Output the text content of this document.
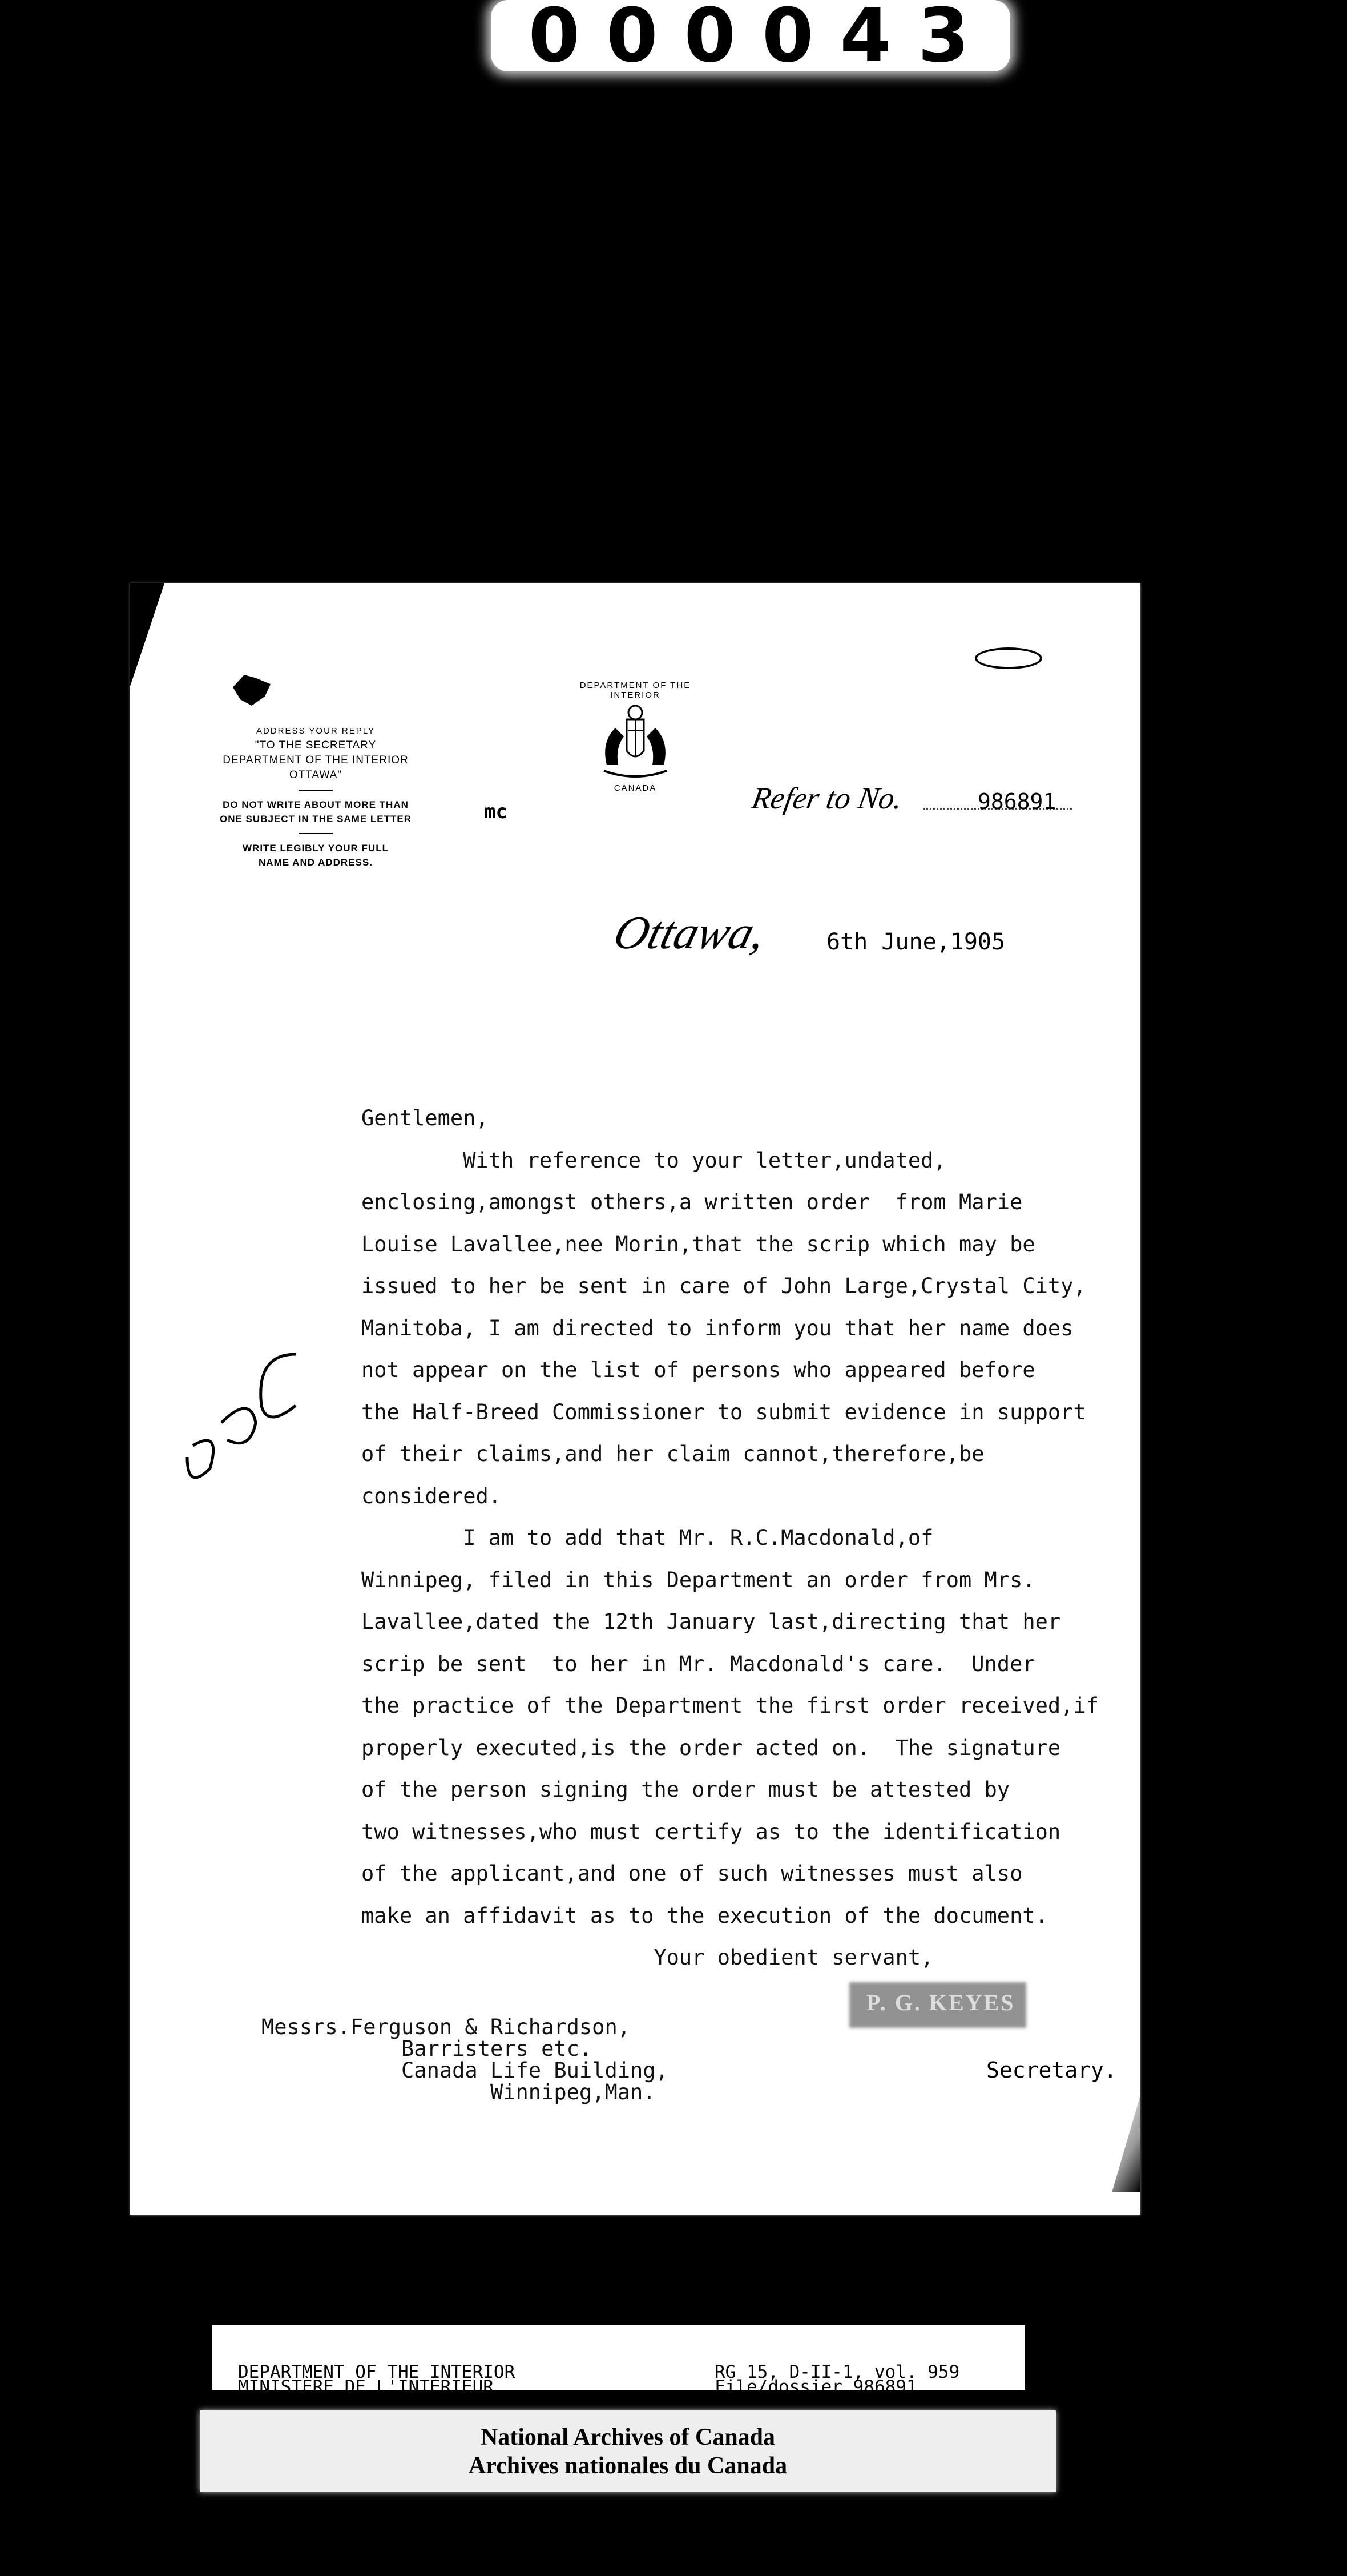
000043
ADDRESS YOUR REPLY
"TO THE SECRETARY
DEPARTMENT OF THE INTERIOR
OTTAWA"
DO NOT WRITE ABOUT MORE THAN
ONE SUBJECT IN THE SAME LETTER
WRITE LEGIBLY YOUR FULL
NAME AND ADDRESS.
DEPARTMENT OF THE INTERIOR
CANADA
mc	Refer to No.	986891
Ottawa, 6th June,1905

Gentlemen,

With reference to your letter,undated,

enclosing,amongst others,a written order  from Marie

Louise Lavallee,nee Morin,that the scrip which may be

issued to her be sent in care of John Large,Crystal City,

Manitoba, I am directed to inform you that her name does

not appear on the list of persons who appeared before

the Half-Breed Commissioner to submit evidence in support

of their claims,and her claim cannot,therefore,be

considered.

I am to add that Mr. R.C.Macdonald,of

Winnipeg, filed in this Department an order from Mrs.

Lavallee,dated the 12th January last,directing that her

scrip be sent  to her in Mr. Macdonald's care.  Under

the practice of the Department the first order received,if

properly executed,is the order acted on.  The signature

of the person signing the order must be attested by

two witnesses,who must certify as to the identification

of the applicant,and one of such witnesses must also

make an affidavit as to the execution of the document.

Your obedient servant,

P. G. KEYES

Messrs.Ferguson & Richardson,

Barristers etc.

Canada Life Building,

Winnipeg,Man.

Secretary.

DEPARTMENT OF THE INTERIOR

MINISTÈRE DE L'INTÉRIEUR

RG 15, D-II-1, vol. 959

File/dossier 986891

National Archives of Canada

Archives nationales du Canada
